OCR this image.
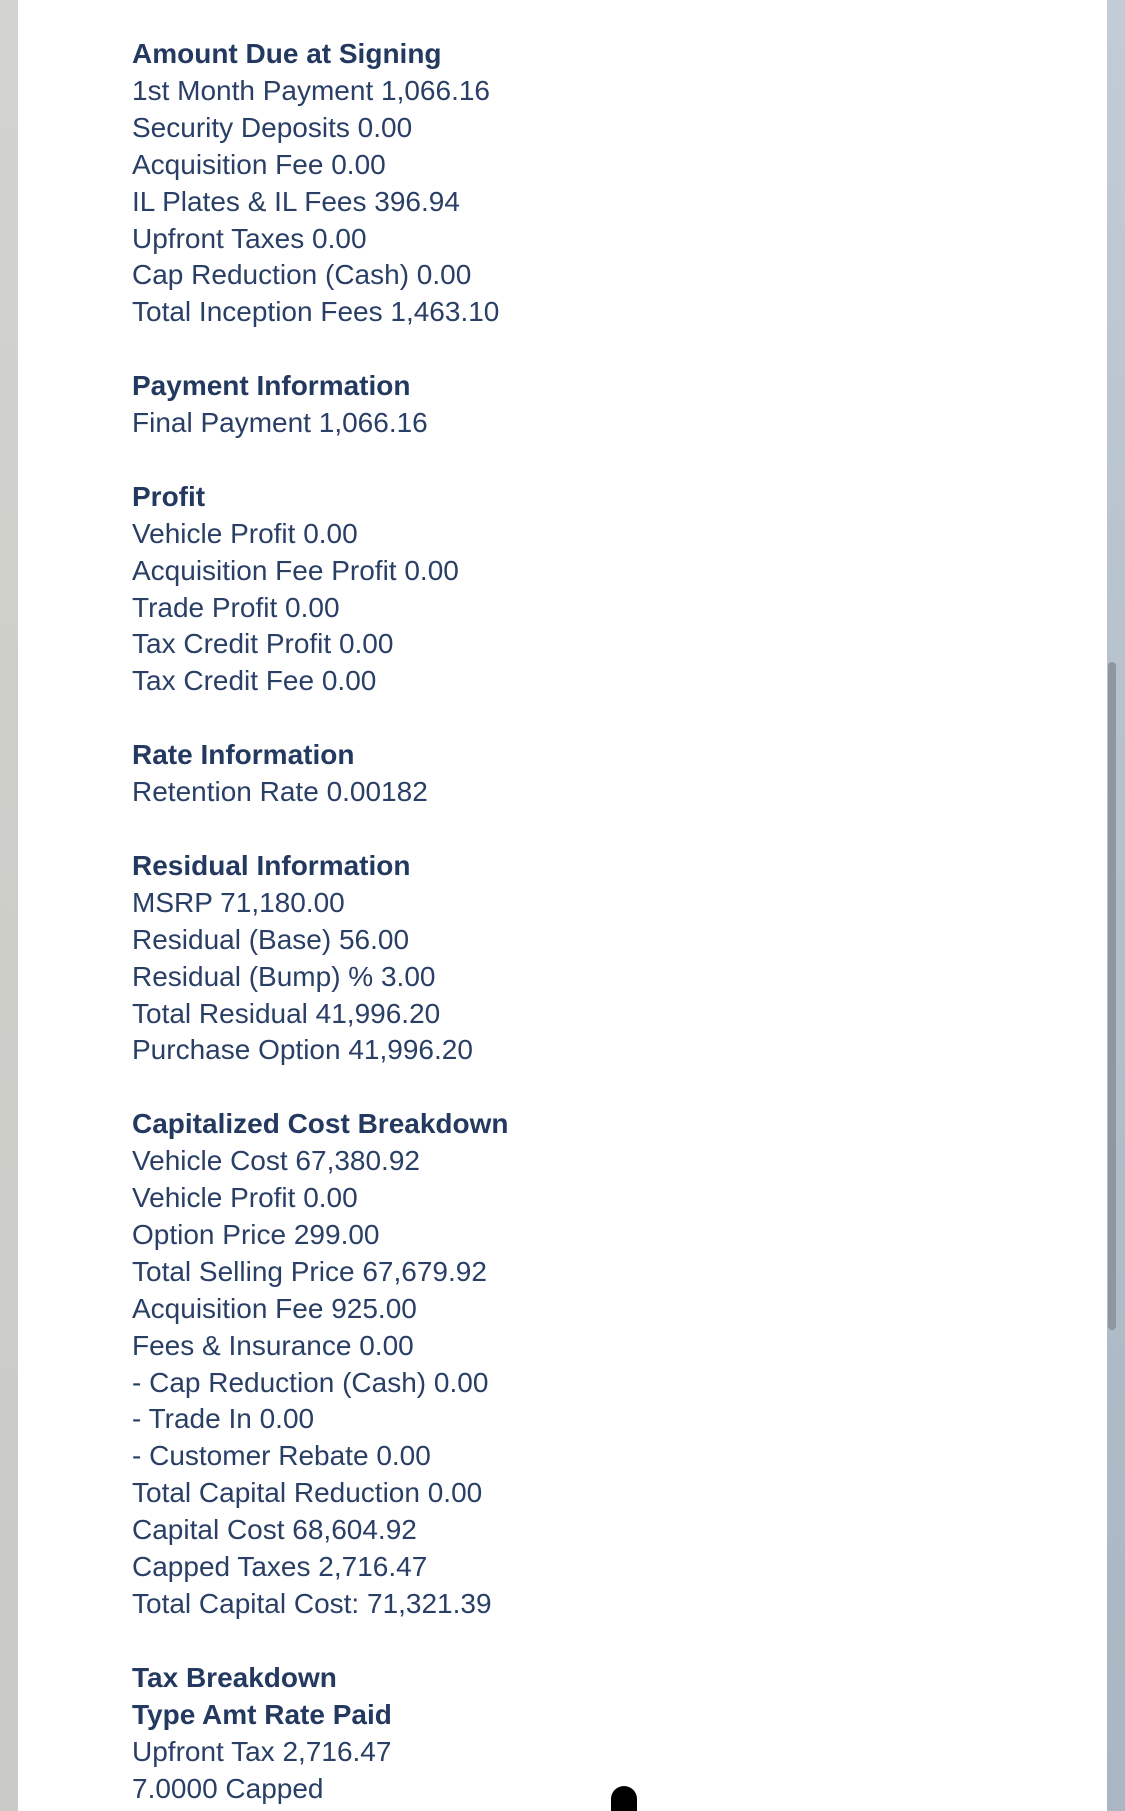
Amount Due at Signing
1st Month Payment 1,066.16
Security Deposits 0.00
Acquisition Fee 0.00
IL Plates & IL Fees 396.94
Upfront Taxes 0.00
Cap Reduction (Cash) 0.00
Total Inception Fees 1,463.10
Payment Information
Final Payment 1,066.16
Profit
Vehicle Profit 0.00
Acquisition Fee Profit 0.00
Trade Profit 0.00
Tax Credit Profit 0.00
Tax Credit Fee 0.00
Rate Information
Retention Rate 0.00182
Residual Information
MSRP 71,180.00
Residual (Base) 56.00
Residual (Bump) % 3.00
Total Residual 41,996.20
Purchase Option 41,996.20
Capitalized Cost Breakdown
Vehicle Cost 67,380.92
Vehicle Profit 0.00
Option Price 299.00
Total Selling Price 67,679.92
Acquisition Fee 925.00
Fees & Insurance 0.00
- Cap Reduction (Cash) 0.00
- Trade In 0.00
- Customer Rebate 0.00
Total Capital Reduction 0.00
Capital Cost 68,604.92
Capped Taxes 2,716.47
Total Capital Cost: 71,321.39
Tax Breakdown
Type Amt Rate Paid
Upfront Tax 2,716.47
7.0000 Capped
